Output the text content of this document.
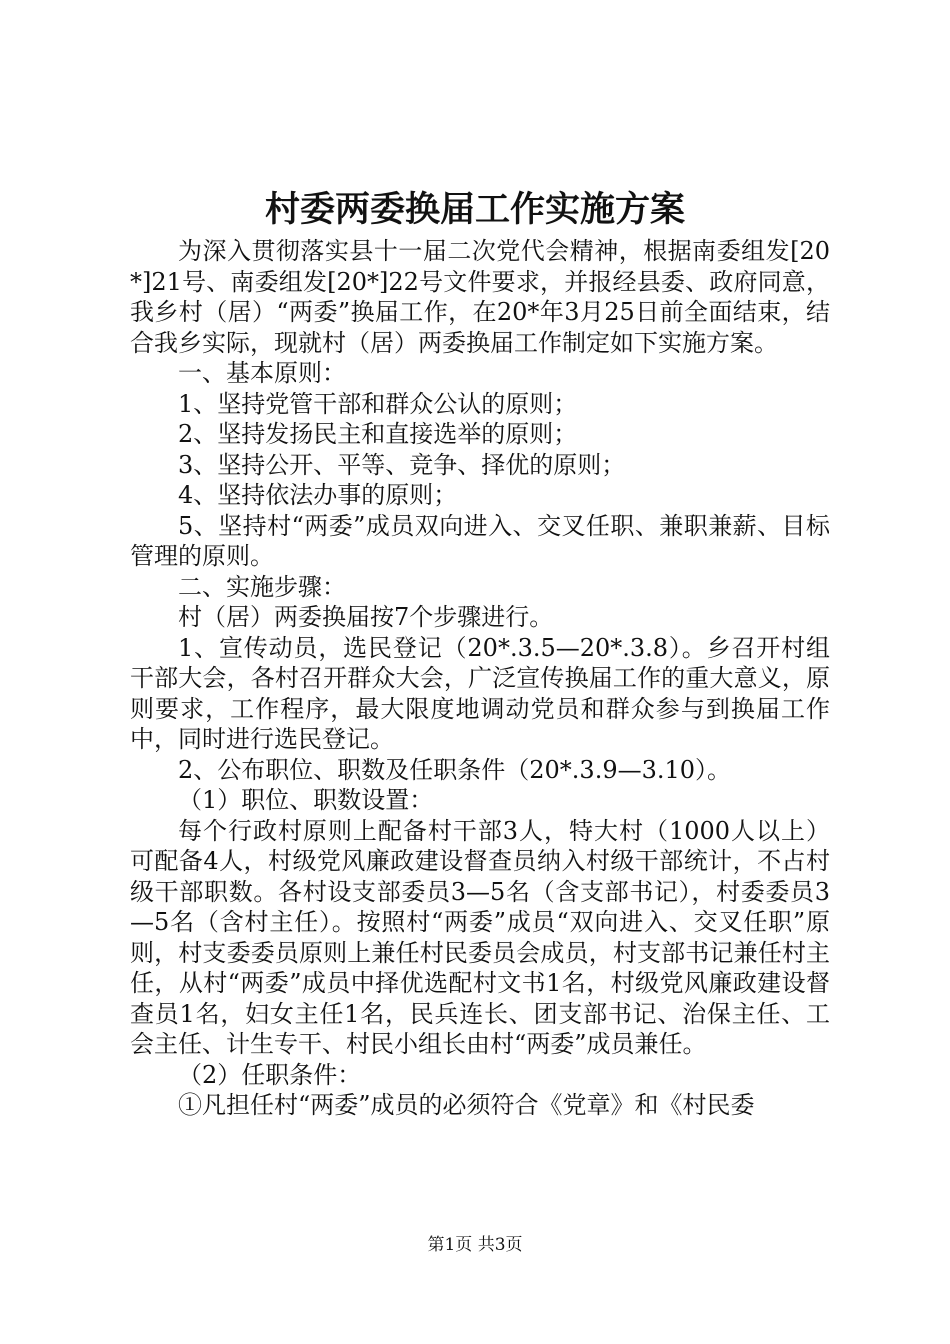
村委两委换届工作实施方案

为深入贯彻落实县十一届二次党代会精神，根据南委组发[20*]21号、南委组发[20*]22号文件要求，并报经县委、政府同意，我乡村（居）“两委”换届工作，在20*年3月25日前全面结束，结合我乡实际，现就村（居）两委换届工作制定如下实施方案。

一、基本原则：

1、坚持党管干部和群众公认的原则；

2、坚持发扬民主和直接选举的原则；

3、坚持公开、平等、竞争、择优的原则；

4、坚持依法办事的原则；

5、坚持村“两委”成员双向进入、交叉任职、兼职兼薪、目标管理的原则。

二、实施步骤：

村（居）两委换届按7个步骤进行。

1、宣传动员，选民登记（20*.3.5—20*.3.8）。乡召开村组干部大会，各村召开群众大会，广泛宣传换届工作的重大意义，原则要求，工作程序，最大限度地调动党员和群众参与到换届工作中，同时进行选民登记。

2、公布职位、职数及任职条件（20*.3.9—3.10）。

（1）职位、职数设置：

每个行政村原则上配备村干部3人，特大村（1000人以上）可配备4人，村级党风廉政建设督查员纳入村级干部统计，不占村级干部职数。各村设支部委员3—5名（含支部书记），村委委员3—5名（含村主任）。按照村“两委”成员“双向进入、交叉任职”原则，村支委委员原则上兼任村民委员会成员，村支部书记兼任村主任，从村“两委”成员中择优选配村文书1名，村级党风廉政建设督查员1名，妇女主任1名，民兵连长、团支部书记、治保主任、工会主任、计生专干、村民小组长由村“两委”成员兼任。

（2）任职条件：

①凡担任村“两委”成员的必须符合《党章》和《村民委

第1页 共3页
